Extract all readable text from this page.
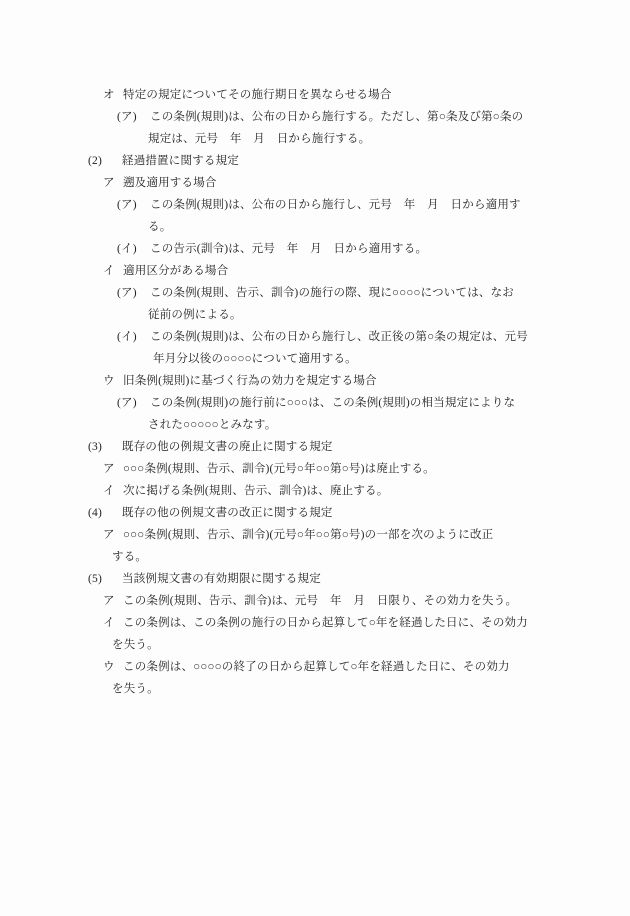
オ 特定の規定についてその施行期日を異ならせる場合
(ア) この条例(規則)は、公布の日から施行する。ただし、第○条及び第○条の
規定は、元号　年　月　日から施行する。
(2) 経過措置に関する規定
ア 遡及適用する場合
(ア) この条例(規則)は、公布の日から施行し、元号　年　月　日から適用す
る。
(イ) この告示(訓令)は、元号　年　月　日から適用する。
イ 適用区分がある場合
(ア) この条例(規則、告示、訓令)の施行の際、現に○○○○については、なお
従前の例による。
(イ) この条例(規則)は、公布の日から施行し、改正後の第○条の規定は、元号
年月分以後の○○○○について適用する。
ウ 旧条例(規則)に基づく行為の効力を規定する場合
(ア) この条例(規則)の施行前に○○○は、この条例(規則)の相当規定によりな
された○○○○○とみなす。
(3) 既存の他の例規文書の廃止に関する規定
ア ○○○条例(規則、告示、訓令)(元号○年○○第○号)は廃止する。
イ 次に掲げる条例(規則、告示、訓令)は、廃止する。
(4) 既存の他の例規文書の改正に関する規定
ア ○○○条例(規則、告示、訓令)(元号○年○○第○号)の一部を次のように改正
する。
(5) 当該例規文書の有効期限に関する規定
ア この条例(規則、告示、訓令)は、元号　年　月　日限り、その効力を失う。
イ この条例は、この条例の施行の日から起算して○年を経過した日に、その効力
を失う。
ウ この条例は、○○○○の終了の日から起算して○年を経過した日に、その効力
を失う。
